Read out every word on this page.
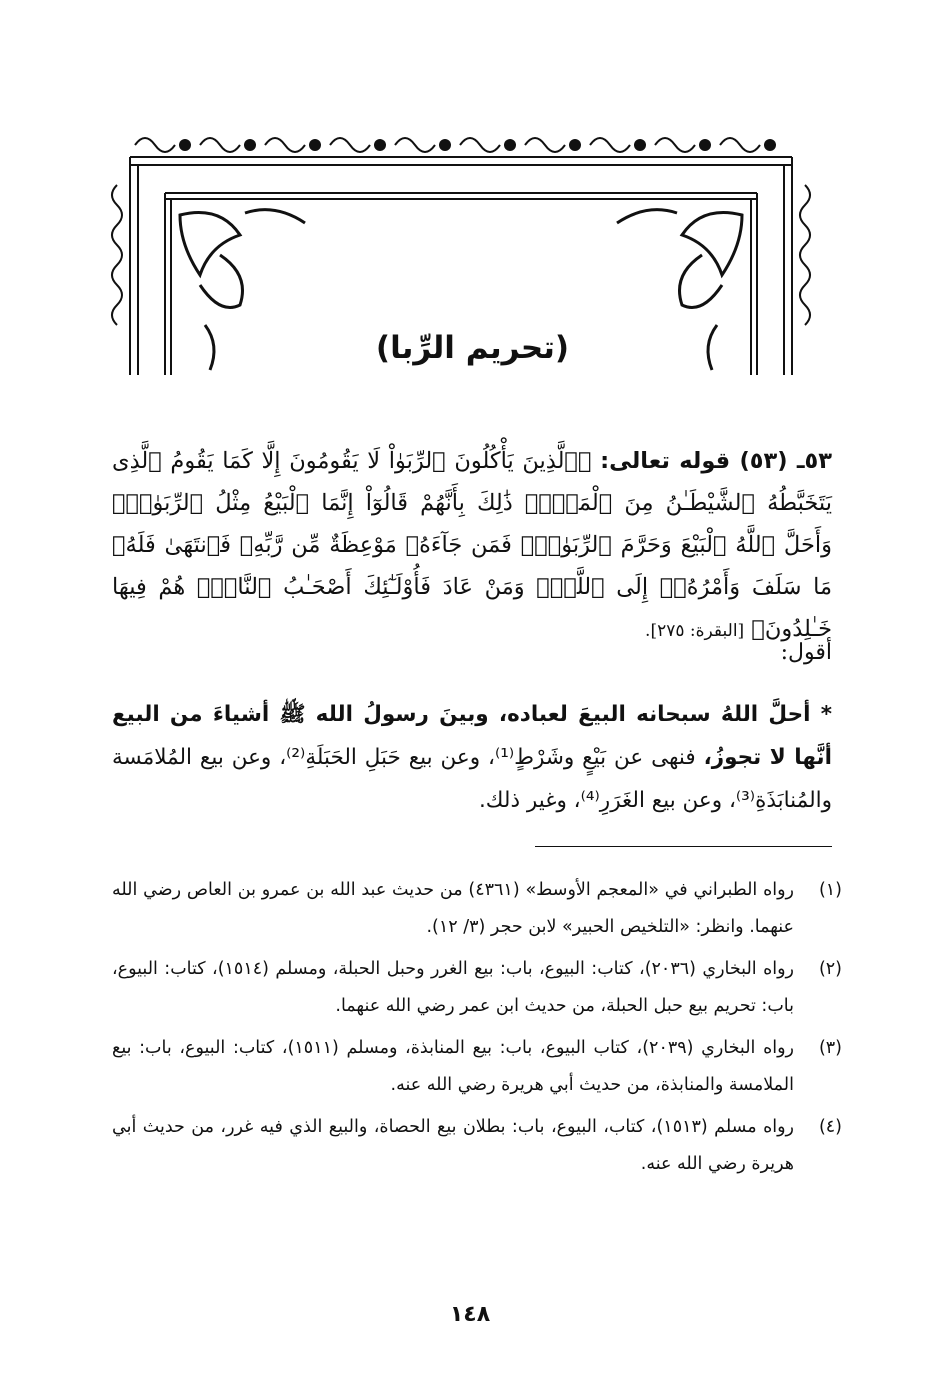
(تحريم الرِّبا)
٥٣ـ (٥٣) قوله تعالى: ﴿ٱلَّذِينَ يَأْكُلُونَ ٱلرِّبَوٰاْ لَا يَقُومُونَ إِلَّا كَمَا يَقُومُ ٱلَّذِى يَتَخَبَّطُهُ ٱلشَّيْطَـٰنُ مِنَ ٱلْمَسِّۚ ذَٰلِكَ بِأَنَّهُمْ قَالُوٓاْ إِنَّمَا ٱلْبَيْعُ مِثْلُ ٱلرِّبَوٰاْۗ وَأَحَلَّ ٱللَّهُ ٱلْبَيْعَ وَحَرَّمَ ٱلرِّبَوٰاْۚ فَمَن جَآءَهُۥ مَوْعِظَةٌ مِّن رَّبِّهِۦ فَٱنتَهَىٰ فَلَهُۥ مَا سَلَفَ وَأَمْرُهُۥٓ إِلَى ٱللَّهِۖ وَمَنْ عَادَ فَأُوْلَـٰٓئِكَ أَصْحَـٰبُ ٱلنَّارِۖ هُمْ فِيهَا خَـٰلِدُونَ﴾ [البقرة: ٢٧٥].
أقول:
* أحلَّ اللهُ سبحانه البيعَ لعباده، وبينَ رسولُ الله ﷺ أشياءَ من البيع أنَّها لا تجوزُ، فنهى عن بَيْعٍ وشَرْطٍ⁽¹⁾، وعن بيع حَبَلِ الحَبَلَةِ⁽²⁾، وعن بيع المُلامَسة والمُنابَذَةِ⁽³⁾، وعن بيع الغَرَرِ⁽⁴⁾، وغير ذلك.
(١)
رواه الطبراني في «المعجم الأوسط» (٤٣٦١) من حديث عبد الله بن عمرو بن العاص رضي الله عنهما. وانظر: «التلخيص الحبير» لابن حجر (٣/ ١٢).
(٢)
رواه البخاري (٢٠٣٦)، كتاب: البيوع، باب: بيع الغرر وحبل الحبلة، ومسلم (١٥١٤)، كتاب: البيوع، باب: تحريم بيع حبل الحبلة، من حديث ابن عمر رضي الله عنهما.
(٣)
رواه البخاري (٢٠٣٩)، كتاب البيوع، باب: بيع المنابذة، ومسلم (١٥١١)، كتاب: البيوع، باب: بيع الملامسة والمنابذة، من حديث أبي هريرة رضي الله عنه.
(٤)
رواه مسلم (١٥١٣)، كتاب، البيوع، باب: بطلان بيع الحصاة، والبيع الذي فيه غرر، من حديث أبي هريرة رضي الله عنه.
١٤٨
